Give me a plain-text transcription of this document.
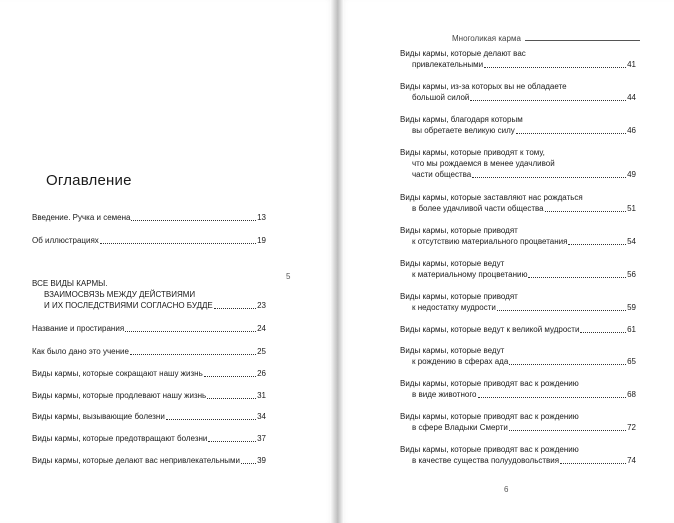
Оглавление
5
Многоликая карма
6
Введение. Ручка и семена	13
Об иллюстрациях	19
ВСЕ ВИДЫ КАРМЫ.
ВЗАИМОСВЯЗЬ МЕЖДУ ДЕЙСТВИЯМИ
И ИХ ПОСЛЕДСТВИЯМИ СОГЛАСНО БУДДЕ	23
Название и простирания	24
Как было дано это учение	25
Виды кармы, которые сокращают нашу жизнь	26
Виды кармы, которые продлевают нашу жизнь	31
Виды кармы, вызывающие болезни	34
Виды кармы, которые предотвращают болезни	37
Виды кармы, которые делают вас непривлекательными 39
Виды кармы, которые делают вас
привлекательными	41
Виды кармы, из-за которых вы не обладаете
большой силой	44
Виды кармы, благодаря которым
вы обретаете великую силу	46
Виды кармы, которые приводят к тому,
что мы рождаемся в менее удачливой
части общества	49
Виды кармы, которые заставляют нас рождаться
в более удачливой части общества	51
Виды кармы, которые приводят
к отсутствию материального процветания	54
Виды кармы, которые ведут
к материальному процветанию	56
Виды кармы, которые приводят
к недостатку мудрости	59
Виды кармы, которые ведут к великой мудрости	61
Виды кармы, которые ведут
к рождению в сферах ада	65
Виды кармы, которые приводят вас к рождению
в виде животного	68
Виды кармы, которые приводят вас к рождению
в сфере Владыки Смерти	72
Виды кармы, которые приводят вас к рождению
в качестве существа полуудовольствия	74
